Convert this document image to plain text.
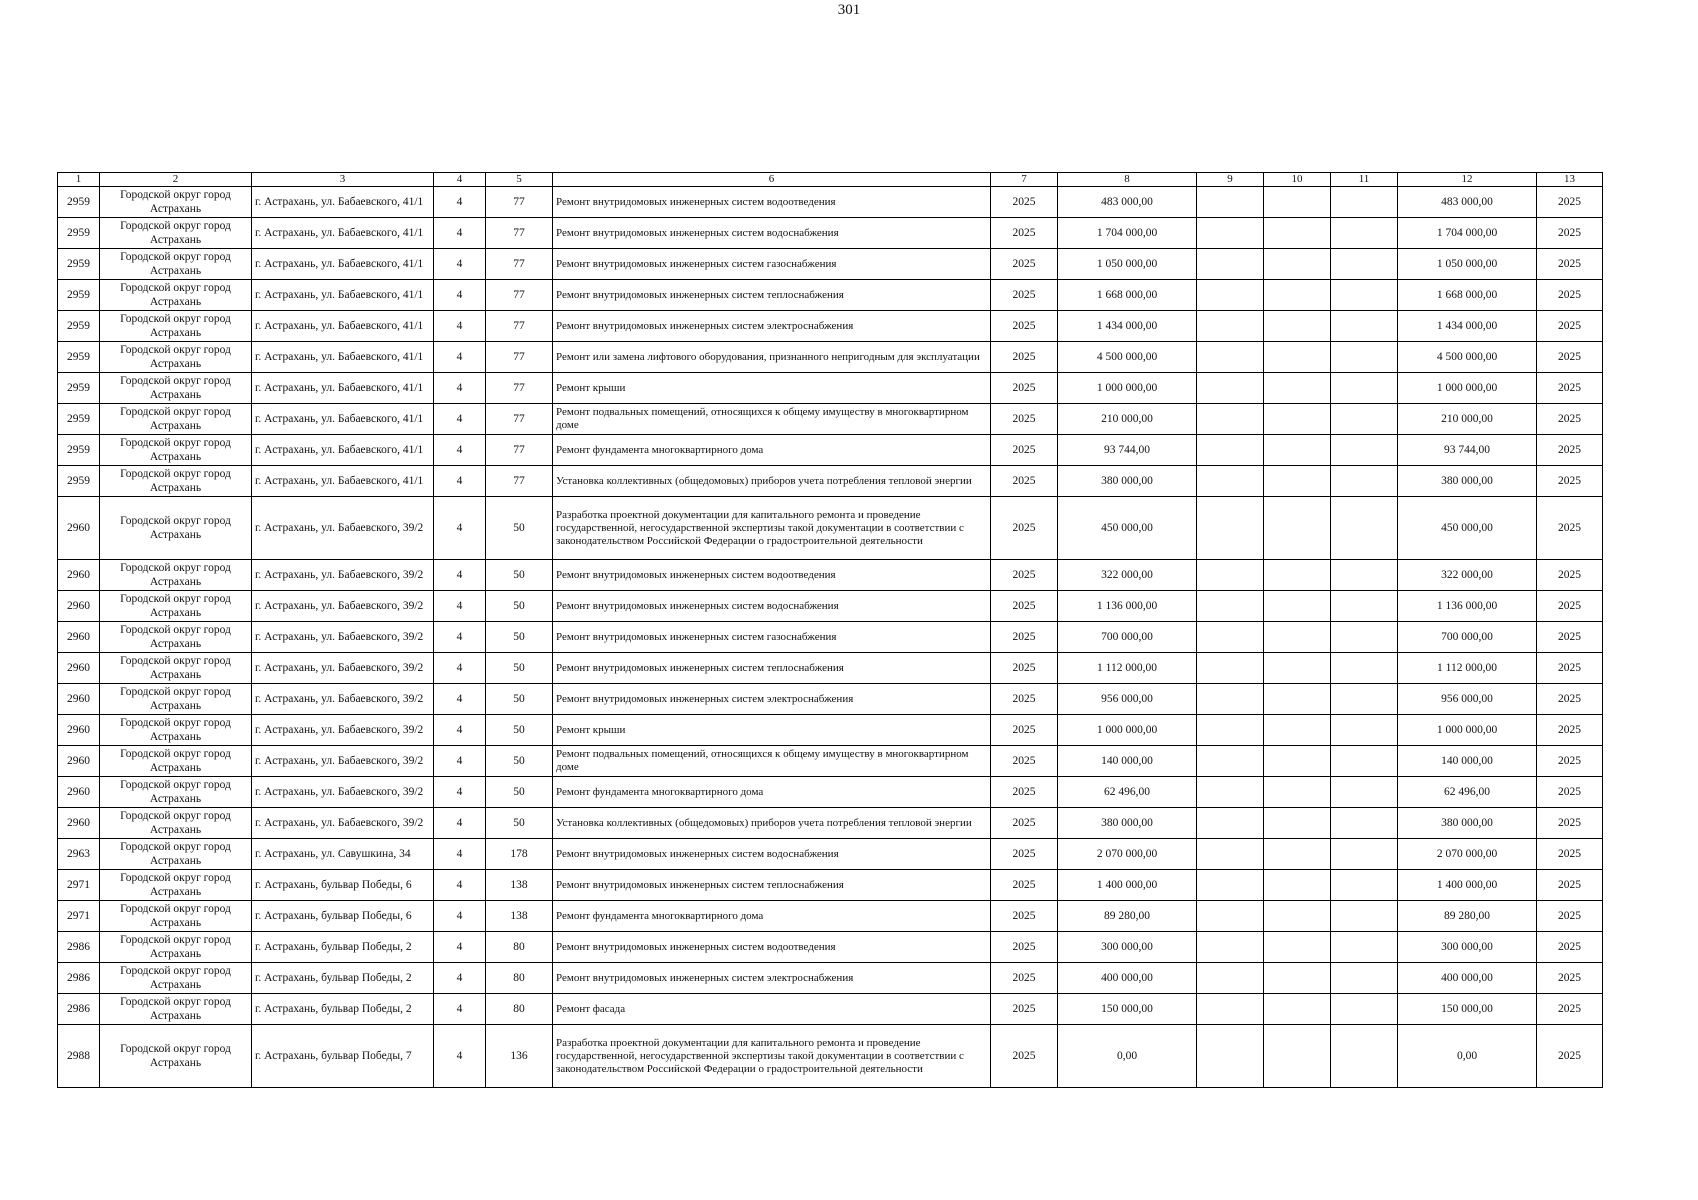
301
1	2	3	4	5	6	7	8	9	10	11	12	13
2959	Городской округ город Астрахань	г. Астрахань, ул. Бабаевского, 41/1	4	77	Ремонт внутридомовых инженерных систем водоотведения	2025	483 000,00				483 000,00	2025
2959	Городской округ город Астрахань	г. Астрахань, ул. Бабаевского, 41/1	4	77	Ремонт внутридомовых инженерных систем водоснабжения	2025	1 704 000,00				1 704 000,00	2025
2959	Городской округ город Астрахань	г. Астрахань, ул. Бабаевского, 41/1	4	77	Ремонт внутридомовых инженерных систем газоснабжения	2025	1 050 000,00				1 050 000,00	2025
2959	Городской округ город Астрахань	г. Астрахань, ул. Бабаевского, 41/1	4	77	Ремонт внутридомовых инженерных систем теплоснабжения	2025	1 668 000,00				1 668 000,00	2025
2959	Городской округ город Астрахань	г. Астрахань, ул. Бабаевского, 41/1	4	77	Ремонт внутридомовых инженерных систем электроснабжения	2025	1 434 000,00				1 434 000,00	2025
2959	Городской округ город Астрахань	г. Астрахань, ул. Бабаевского, 41/1	4	77	Ремонт или замена лифтового оборудования, признанного непригодным для эксплуатации	2025	4 500 000,00				4 500 000,00	2025
2959	Городской округ город Астрахань	г. Астрахань, ул. Бабаевского, 41/1	4	77	Ремонт крыши	2025	1 000 000,00				1 000 000,00	2025
2959	Городской округ город Астрахань	г. Астрахань, ул. Бабаевского, 41/1	4	77	Ремонт подвальных помещений, относящихся к общему имуществу в многоквартирном доме	2025	210 000,00				210 000,00	2025
2959	Городской округ город Астрахань	г. Астрахань, ул. Бабаевского, 41/1	4	77	Ремонт фундамента многоквартирного дома	2025	93 744,00				93 744,00	2025
2959	Городской округ город Астрахань	г. Астрахань, ул. Бабаевского, 41/1	4	77	Установка коллективных (общедомовых) приборов учета потребления тепловой энергии	2025	380 000,00				380 000,00	2025
2960	Городской округ город Астрахань	г. Астрахань, ул. Бабаевского, 39/2	4	50	Разработка проектной документации для капитального ремонта и проведение государственной, негосударственной экспертизы такой документации в соответствии с законодательством Российской Федерации о градостроительной деятельности	2025	450 000,00				450 000,00	2025
2960	Городской округ город Астрахань	г. Астрахань, ул. Бабаевского, 39/2	4	50	Ремонт внутридомовых инженерных систем водоотведения	2025	322 000,00				322 000,00	2025
2960	Городской округ город Астрахань	г. Астрахань, ул. Бабаевского, 39/2	4	50	Ремонт внутридомовых инженерных систем водоснабжения	2025	1 136 000,00				1 136 000,00	2025
2960	Городской округ город Астрахань	г. Астрахань, ул. Бабаевского, 39/2	4	50	Ремонт внутридомовых инженерных систем газоснабжения	2025	700 000,00				700 000,00	2025
2960	Городской округ город Астрахань	г. Астрахань, ул. Бабаевского, 39/2	4	50	Ремонт внутридомовых инженерных систем теплоснабжения	2025	1 112 000,00				1 112 000,00	2025
2960	Городской округ город Астрахань	г. Астрахань, ул. Бабаевского, 39/2	4	50	Ремонт внутридомовых инженерных систем электроснабжения	2025	956 000,00				956 000,00	2025
2960	Городской округ город Астрахань	г. Астрахань, ул. Бабаевского, 39/2	4	50	Ремонт крыши	2025	1 000 000,00				1 000 000,00	2025
2960	Городской округ город Астрахань	г. Астрахань, ул. Бабаевского, 39/2	4	50	Ремонт подвальных помещений, относящихся к общему имуществу в многоквартирном доме	2025	140 000,00				140 000,00	2025
2960	Городской округ город Астрахань	г. Астрахань, ул. Бабаевского, 39/2	4	50	Ремонт фундамента многоквартирного дома	2025	62 496,00				62 496,00	2025
2960	Городской округ город Астрахань	г. Астрахань, ул. Бабаевского, 39/2	4	50	Установка коллективных (общедомовых) приборов учета потребления тепловой энергии	2025	380 000,00				380 000,00	2025
2963	Городской округ город Астрахань	г. Астрахань, ул. Савушкина, 34	4	178	Ремонт внутридомовых инженерных систем водоснабжения	2025	2 070 000,00				2 070 000,00	2025
2971	Городской округ город Астрахань	г. Астрахань, бульвар Победы, 6	4	138	Ремонт внутридомовых инженерных систем теплоснабжения	2025	1 400 000,00				1 400 000,00	2025
2971	Городской округ город Астрахань	г. Астрахань, бульвар Победы, 6	4	138	Ремонт фундамента многоквартирного дома	2025	89 280,00				89 280,00	2025
2986	Городской округ город Астрахань	г. Астрахань, бульвар Победы, 2	4	80	Ремонт внутридомовых инженерных систем водоотведения	2025	300 000,00				300 000,00	2025
2986	Городской округ город Астрахань	г. Астрахань, бульвар Победы, 2	4	80	Ремонт внутридомовых инженерных систем электроснабжения	2025	400 000,00				400 000,00	2025
2986	Городской округ город Астрахань	г. Астрахань, бульвар Победы, 2	4	80	Ремонт фасада	2025	150 000,00				150 000,00	2025
2988	Городской округ город Астрахань	г. Астрахань, бульвар Победы, 7	4	136	Разработка проектной документации для капитального ремонта и проведение государственной, негосударственной экспертизы такой документации в соответствии с законодательством Российской Федерации о градостроительной деятельности	2025	0,00				0,00	2025
